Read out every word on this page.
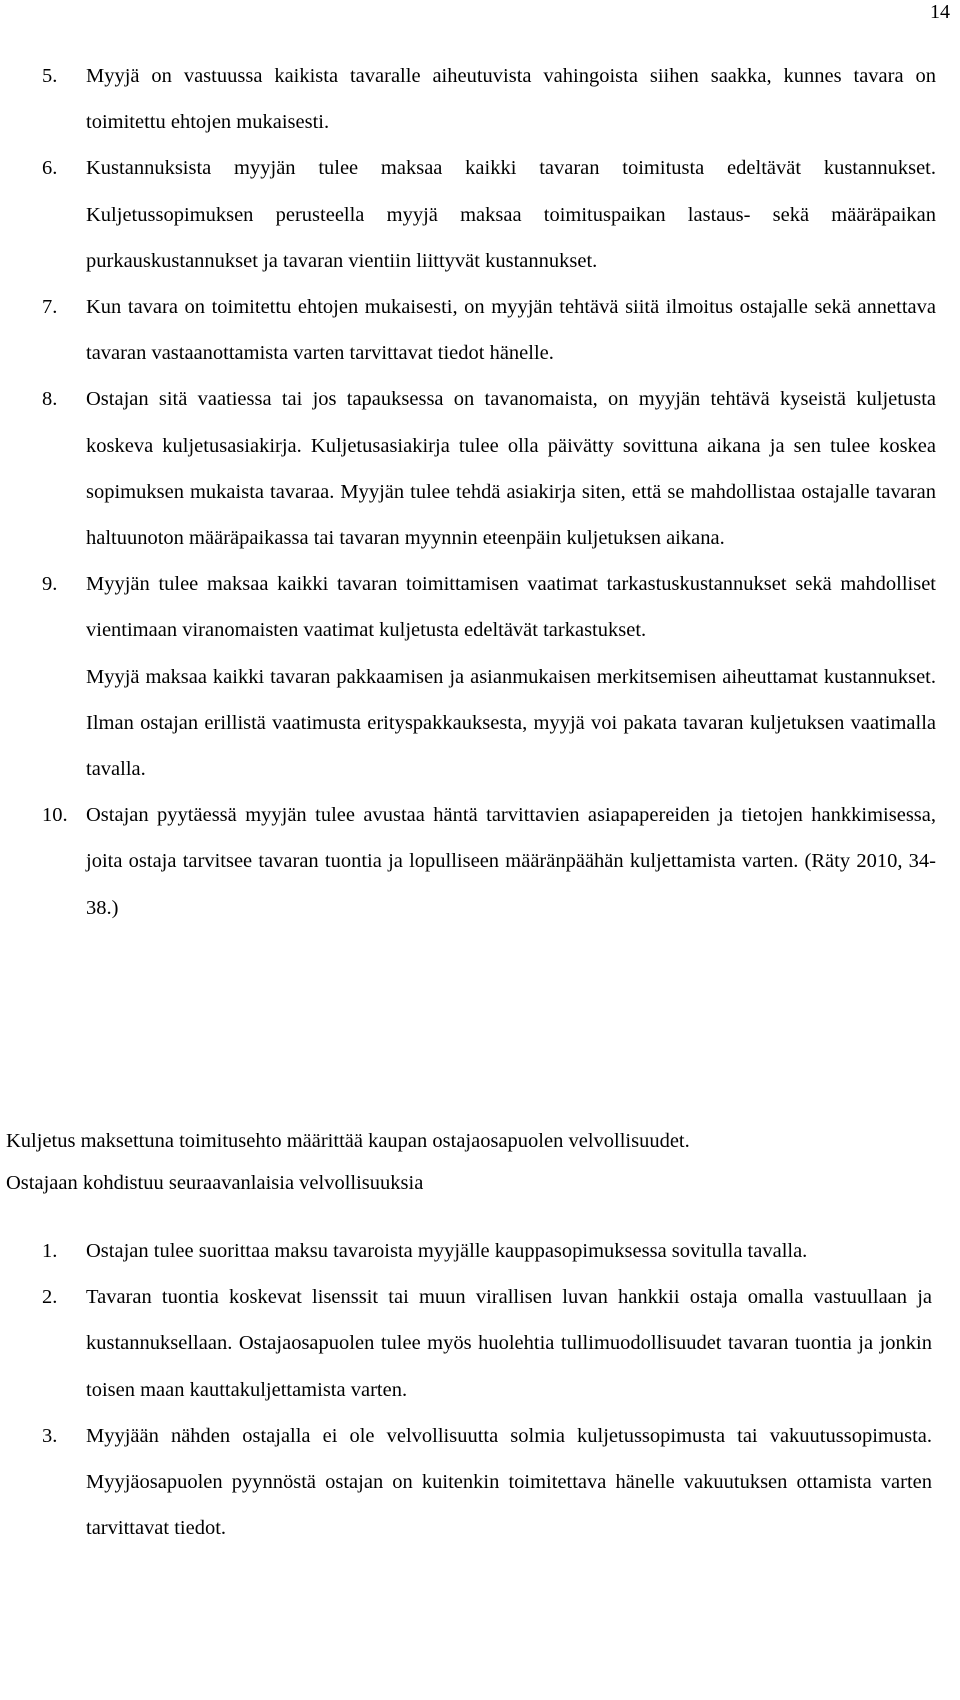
14
5. Myyjä on vastuussa kaikista tavaralle aiheutuvista vahingoista siihen saakka, kunnes tavara on toimitettu ehtojen mukaisesti.
6. Kustannuksista myyjän tulee maksaa kaikki tavaran toimitusta edeltävät kustannukset. Kuljetussopimuksen perusteella myyjä maksaa toimituspaikan lastaus- sekä määräpaikan purkauskustannukset ja tavaran vientiin liittyvät kustannukset.
7. Kun tavara on toimitettu ehtojen mukaisesti, on myyjän tehtävä siitä ilmoitus ostajalle sekä annettava tavaran vastaanottamista varten tarvittavat tiedot hänelle.
8. Ostajan sitä vaatiessa tai jos tapauksessa on tavanomaista, on myyjän tehtävä kyseistä kuljetusta koskeva kuljetusasiakirja. Kuljetusasiakirja tulee olla päivätty sovittuna aikana ja sen tulee koskea sopimuksen mukaista tavaraa. Myyjän tulee tehdä asiakirja siten, että se mahdollistaa ostajalle tavaran haltuunoton määräpaikassa tai tavaran myynnin eteenpäin kuljetuksen aikana.
9. Myyjän tulee maksaa kaikki tavaran toimittamisen vaatimat tarkastuskustannukset sekä mahdolliset vientimaan viranomaisten vaatimat kuljetusta edeltävät tarkastukset.
Myyjä maksaa kaikki tavaran pakkaamisen ja asianmukaisen merkitsemisen aiheuttamat kustannukset. Ilman ostajan erillistä vaatimusta erityspakkauksesta, myyjä voi pakata tavaran kuljetuksen vaatimalla tavalla.
10. Ostajan pyytäessä myyjän tulee avustaa häntä tarvittavien asiapapereiden ja tietojen hankkimisessa, joita ostaja tarvitsee tavaran tuontia ja lopulliseen määränpäähän kuljettamista varten. (Räty 2010, 34-38.)
Kuljetus maksettuna toimitusehto määrittää kaupan ostajaosapuolen velvollisuudet.
Ostajaan kohdistuu seuraavanlaisia velvollisuuksia
1. Ostajan tulee suorittaa maksu tavaroista myyjälle kauppasopimuksessa sovitulla tavalla.
2. Tavaran tuontia koskevat lisenssit tai muun virallisen luvan hankkii ostaja omalla vastuullaan ja kustannuksellaan. Ostajaosapuolen tulee myös huolehtia tullimuodollisuudet tavaran tuontia ja jonkin toisen maan kauttakuljettamista varten.
3. Myyjään nähden ostajalla ei ole velvollisuutta solmia kuljetussopimusta tai vakuutussopimusta. Myyjäosapuolen pyynnöstä ostajan on kuitenkin toimitettava hänelle vakuutuksen ottamista varten tarvittavat tiedot.
